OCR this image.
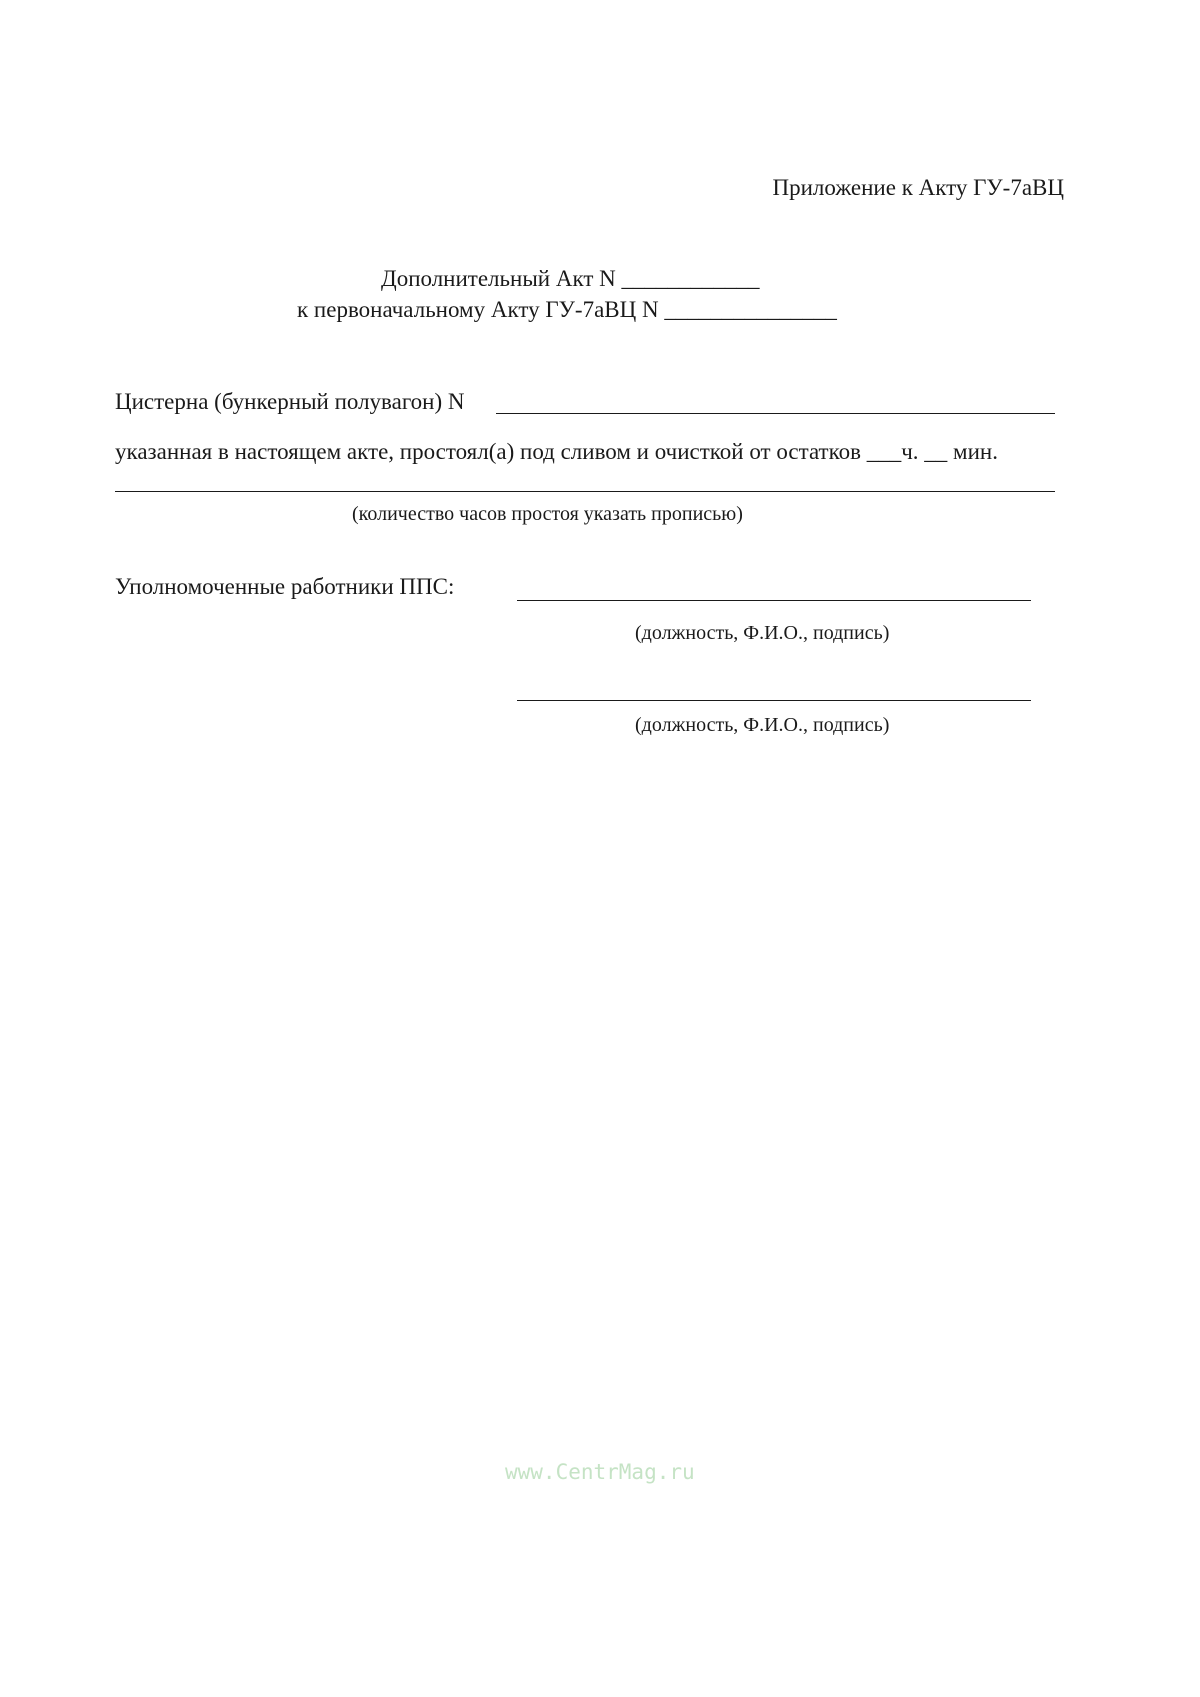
Приложение к Акту ГУ-7аВЦ
Дополнительный Акт N ____________
к первоначальному Акту ГУ-7аВЦ N _______________
Цистерна (бункерный полувагон) N
указанная в настоящем акте, простоял(а) под сливом и очисткой от остатков ___ч. __ мин.
(количество часов простоя указать прописью)
Уполномоченные работники ППС:
(должность, Ф.И.О., подпись)
(должность, Ф.И.О., подпись)
www.CentrMag.ru
